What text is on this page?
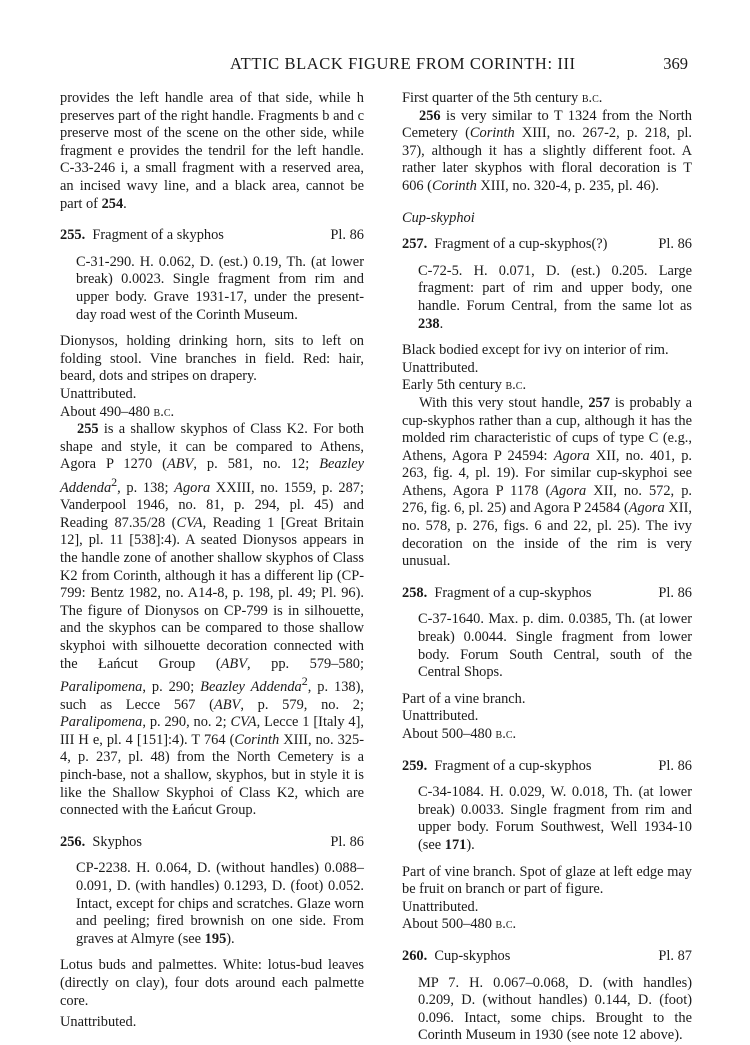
ATTIC BLACK FIGURE FROM CORINTH: III	369

provides the left handle area of that side, while h preserves part of the right handle. Fragments b and c preserve most of the scene on the other side, while fragment e provides the tendril for the left handle. C-33-246 i, a small fragment with a reserved area, an incised wavy line, and a black area, cannot be part of 254.

255. Fragment of a skyphos	Pl. 86

C-31-290. H. 0.062, D. (est.) 0.19, Th. (at lower break) 0.0023. Single fragment from rim and upper body. Grave 1931-17, under the present-day road west of the Corinth Museum.

Dionysos, holding drinking horn, sits to left on folding stool. Vine branches in field. Red: hair, beard, dots and stripes on drapery.

Unattributed.

About 490–480 b.c.

255 is a shallow skyphos of Class K2. For both shape and style, it can be compared to Athens, Agora P 1270 (ABV, p. 581, no. 12; Beazley Addenda$^2$, p. 138; Agora XXIII, no. 1559, p. 287; Vanderpool 1946, no. 81, p. 294, pl. 45) and Reading 87.35/28 (CVA, Reading 1 [Great Britain 12], pl. 11 [538]:4). A seated Dionysos appears in the handle zone of another shallow skyphos of Class K2 from Corinth, although it has a different lip (CP-799: Bentz 1982, no. A14-8, p. 198, pl. 49; Pl. 96). The figure of Dionysos on CP-799 is in silhouette, and the skyphos can be compared to those shallow skyphoi with silhouette decoration connected with the Łańcut Group (ABV, pp. 579–580; Paralipomena, p. 290; Beazley Addenda$^2$, p. 138), such as Lecce 567 (ABV, p. 579, no. 2; Paralipomena, p. 290, no. 2; CVA, Lecce 1 [Italy 4], III H e, pl. 4 [151]:4). T 764 (Corinth XIII, no. 325-4, p. 237, pl. 48) from the North Cemetery is a pinch-base, not a shallow, skyphos, but in style it is like the Shallow Skyphoi of Class K2, which are connected with the Łańcut Group.

256. Skyphos	Pl. 86

CP-2238. H. 0.064, D. (without handles) 0.088–0.091, D. (with handles) 0.1293, D. (foot) 0.052. Intact, except for chips and scratches. Glaze worn and peeling; fired brownish on one side. From graves at Almyre (see 195).

Lotus buds and palmettes. White: lotus-bud leaves (directly on clay), four dots around each palmette core.

Unattributed.

First quarter of the 5th century b.c.

256 is very similar to T 1324 from the North Cemetery (Corinth XIII, no. 267-2, p. 218, pl. 37), although it has a slightly different foot. A rather later skyphos with floral decoration is T 606 (Corinth XIII, no. 320-4, p. 235, pl. 46).

Cup-skyphoi

257. Fragment of a cup-skyphos(?)	Pl. 86

C-72-5. H. 0.071, D. (est.) 0.205. Large fragment: part of rim and upper body, one handle. Forum Central, from the same lot as 238.

Black bodied except for ivy on interior of rim.

Unattributed.

Early 5th century b.c.

With this very stout handle, 257 is probably a cup-skyphos rather than a cup, although it has the molded rim characteristic of cups of type C (e.g., Athens, Agora P 24594: Agora XII, no. 401, p. 263, fig. 4, pl. 19). For similar cup-skyphoi see Athens, Agora P 1178 (Agora XII, no. 572, p. 276, fig. 6, pl. 25) and Agora P 24584 (Agora XII, no. 578, p. 276, figs. 6 and 22, pl. 25). The ivy decoration on the inside of the rim is very unusual.

258. Fragment of a cup-skyphos	Pl. 86

C-37-1640. Max. p. dim. 0.0385, Th. (at lower break) 0.0044. Single fragment from lower body. Forum South Central, south of the Central Shops.

Part of a vine branch.

Unattributed.

About 500–480 b.c.

259. Fragment of a cup-skyphos	Pl. 86

C-34-1084. H. 0.029, W. 0.018, Th. (at lower break) 0.0033. Single fragment from rim and upper body. Forum Southwest, Well 1934-10 (see 171).

Part of vine branch. Spot of glaze at left edge may be fruit on branch or part of figure.

Unattributed.

About 500–480 b.c.

260. Cup-skyphos	Pl. 87

MP 7. H. 0.067–0.068, D. (with handles) 0.209, D. (without handles) 0.144, D. (foot) 0.096. Intact, some chips. Brought to the Corinth Museum in 1930 (see note 12 above).
